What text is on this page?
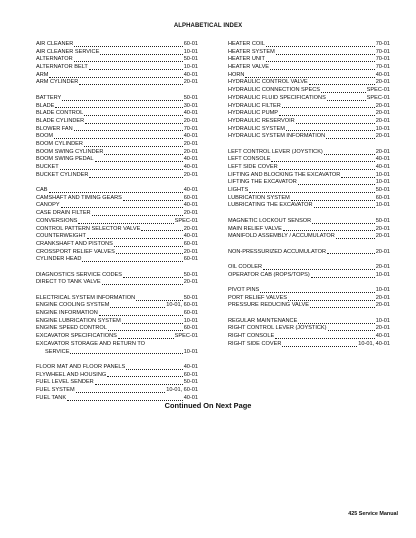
ALPHABETICAL INDEX
AIR CLEANER	60-01
AIR CLEANER SERVICE	10-01
ALTERNATOR	50-01
ALTERNATOR BELT	10-01
ARM	40-01
ARM CYLINDER	20-01
BATTERY	50-01
BLADE	30-01
BLADE CONTROL	40-01
BLADE CYLINDER	20-01
BLOWER FAN	70-01
BOOM	40-01
BOOM CYLINDER	20-01
BOOM SWING CYLINDER	20-01
BOOM SWING PEDAL	40-01
BUCKET	40-01
BUCKET CYLINDER	20-01
CAB	40-01
CAMSHAFT AND TIMING GEARS	60-01
CANOPY	40-01
CASE DRAIN FILTER	20-01
CONVERSIONS	SPEC-01
CONTROL PATTERN SELECTOR VALVE	20-01
COUNTERWEIGHT	40-01
CRANKSHAFT AND PISTONS	60-01
CROSSPORT RELIEF VALVES	20-01
CYLINDER HEAD	60-01
DIAGNOSTICS SERVICE CODES	50-01
DIRECT TO TANK VALVE	20-01
ELECTRICAL SYSTEM INFORMATION	50-01
ENGINE COOLING SYSTEM	10-01, 60-01
ENGINE INFORMATION	60-01
ENGINE LUBRICATION SYSTEM	10-01
ENGINE SPEED CONTROL	60-01
EXCAVATOR SPECIFICATIONS	SPEC-01
EXCAVATOR STORAGE AND RETURN TO
SERVICE	10-01
FLOOR MAT AND FLOOR PANELS	40-01
FLYWHEEL AND HOUSING	60-01
FUEL LEVEL SENDER	50-01
FUEL SYSTEM	10-01, 60-01
FUEL TANK	40-01
HEATER COIL	70-01
HEATER SYSTEM	70-01
HEATER UNIT	70-01
HEATER VALVE	70-01
HORN	40-01
HYDRAULIC CONTROL VALVE	20-01
HYDRAULIC CONNECTION SPECS	SPEC-01
HYDRAULIC FLUID SPECIFICATIONS	SPEC-01
HYDRAULIC FILTER	20-01
HYDRAULIC PUMP	20-01
HYDRAULIC RESERVOIR	20-01
HYDRAULIC SYSTEM	10-01
HYDRAULIC SYSTEM INFORMATION	20-01
LEFT CONTROL LEVER (JOYSTICK)	20-01
LEFT CONSOLE	40-01
LEFT SIDE COVER	40-01
LIFTING AND BLOCKING THE EXCAVATOR	10-01
LIFTING THE EXCAVATOR	10-01
LIGHTS	50-01
LUBRICATION SYSTEM	60-01
LUBRICATING THE EXCAVATOR	10-01
MAGNETIC LOCKOUT SENSOR	50-01
MAIN RELIEF VALVE	20-01
MANIFOLD ASSEMBLY / ACCUMULATOR	20-01
NON-PRESSURIZED ACCUMULATOR	20-01
OIL COOLER	20-01
OPERATOR CAB (ROPS/TOPS)	10-01
PIVOT PINS	10-01
PORT RELIEF VALVES	20-01
PRESSURE REDUCING VALVE	20-01
REGULAR MAINTENANCE	10-01
RIGHT CONTROL LEVER (JOYSTICK)	20-01
RIGHT CONSOLE	40-01
RIGHT SIDE COVER	10-01, 40-01
Continued On Next Page
425 Service Manual
